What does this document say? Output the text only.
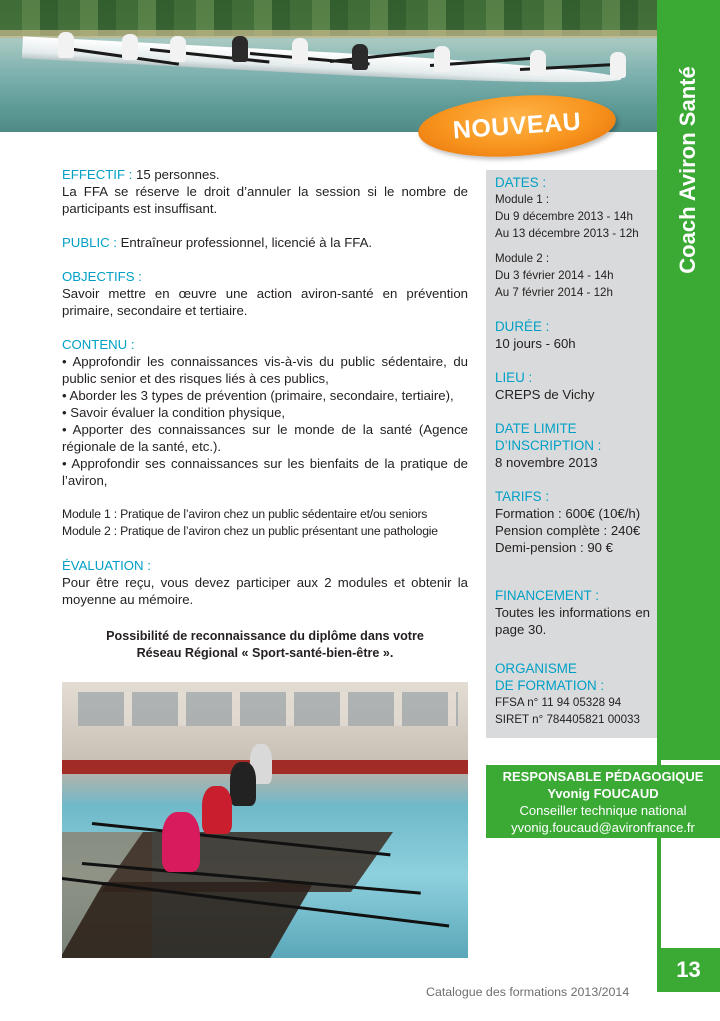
NOUVEAU	Coach Aviron Santé
13
EFFECTIF : 15 personnes.
La FFA se réserve le droit d’annuler la session si le nombre de participants est insuffisant.
PUBLIC : Entraîneur professionnel, licencié à la FFA.
OBJECTIFS :
Savoir mettre en œuvre une action aviron-santé en prévention primaire, secondaire et tertiaire.
CONTENU :
• Approfondir les connaissances vis-à-vis du public sédentaire, du public senior et des risques liés à ces publics,
• Aborder les 3 types de prévention (primaire, secondaire, tertiaire),
• Savoir évaluer la condition physique,
• Apporter des connaissances sur le monde de la santé (Agence régionale de la santé, etc.).
• Approfondir ses connaissances sur les bienfaits de la pratique de l’aviron,
Module 1 : Pratique de l’aviron chez un public sédentaire et/ou seniors
Module 2 : Pratique de l’aviron chez un public présentant une pathologie
ÉVALUATION :
Pour être reçu, vous devez participer aux 2 modules et obtenir la moyenne au mémoire.
Possibilité de reconnaissance du diplôme dans votre
Réseau Régional « Sport-santé-bien-être ».
DATES :
Module 1 :
Du 9 décembre 2013 - 14h
Au 13 décembre 2013 - 12h
Module 2 :
Du 3 février 2014 - 14h
Au 7 février 2014 - 12h
DURÉE :
10 jours - 60h
LIEU :
CREPS de Vichy
DATE LIMITE
D’INSCRIPTION :
8 novembre 2013
TARIFS :
Formation : 600€ (10€/h)
Pension complète : 240€
Demi-pension : 90 €
FINANCEMENT :
Toutes les informations en page 30.
ORGANISME
DE FORMATION :
FFSA n° 11 94 05328 94
SIRET n° 784405821 00033
RESPONSABLE PÉDAGOGIQUE
Yvonig FOUCAUD
Conseiller technique national
yvonig.foucaud@avironfrance.fr
Catalogue des formations 2013/2014
